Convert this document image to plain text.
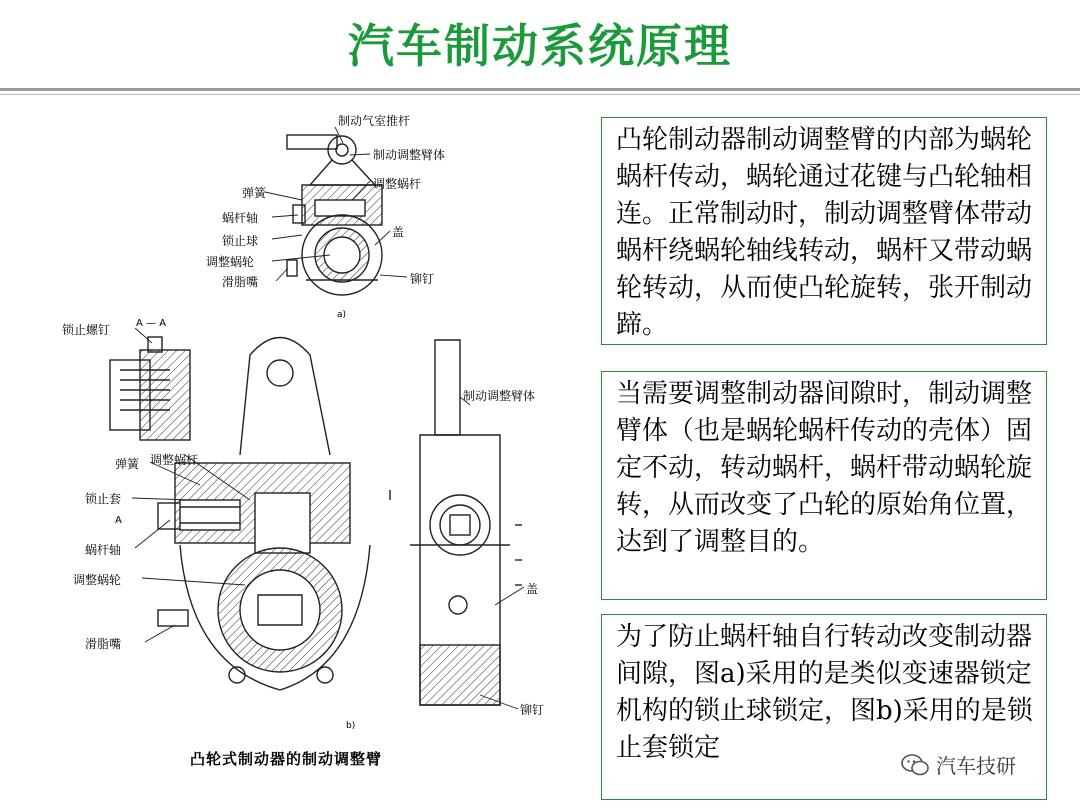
汽车制动系统原理
制动气室推杆
制动调整臂体
调整蜗杆
弹簧
蜗杆轴
锁止球
调整蜗轮
滑脂嘴
盖
铆钉
a)
锁止螺钉	A — A
弹簧 调整蜗杆
锁止套
A
蜗杆轴
调整蜗轮
滑脂嘴
制动调整臂体
盖
铆钉
b)
凸轮式制动器的制动调整臂
凸轮制动器制动调整臂的内部为蜗轮蜗杆传动，蜗轮通过花键与凸轮轴相连。正常制动时，制动调整臂体带动蜗杆绕蜗轮轴线转动，蜗杆又带动蜗轮转动，从而使凸轮旋转，张开制动蹄。
当需要调整制动器间隙时，制动调整臂体（也是蜗轮蜗杆传动的壳体）固定不动，转动蜗杆，蜗杆带动蜗轮旋转，从而改变了凸轮的原始角位置，达到了调整目的。
为了防止蜗杆轴自行转动改变制动器间隙，图a)采用的是类似变速器锁定机构的锁止球锁定，图b)采用的是锁止套锁定
汽车技研
